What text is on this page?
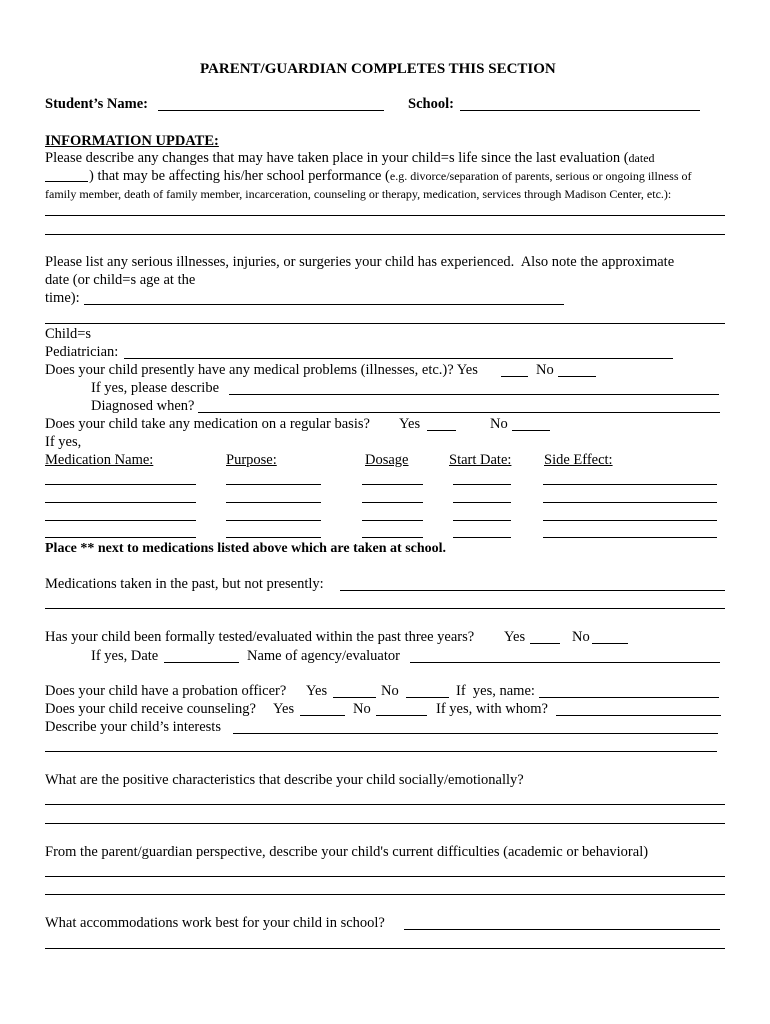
PARENT/GUARDIAN COMPLETES THIS SECTION
Student’s Name:	School:
INFORMATION UPDATE:
Please describe any changes that may have taken place in your child=s life since the last evaluation (dated
) that may be affecting his/her school performance (e.g. divorce/separation of parents, serious or ongoing illness of
family member, death of family member, incarceration, counseling or therapy, medication, services through Madison Center, etc.):
Please list any serious illnesses, injuries, or surgeries your child has experienced.  Also note the approximate
date (or child=s age at the
time):
Child=s
Pediatrician:
Does your child presently have any medical problems (illnesses, etc.)? Yes	No
If yes, please describe
Diagnosed when?
Does your child take any medication on a regular basis? Yes	No
If yes,
Medication Name:	Purpose:	Dosage	Start Date: Side Effect:
Place ** next to medications listed above which are taken at school.
Medications taken in the past, but not presently:
Has your child been formally tested/evaluated within the past three years? Yes	No
If yes, Date	Name of agency/evaluator
Does your child have a probation officer? Yes	No	If  yes, name:
Does your child receive counseling? Yes	No	If yes, with whom?
Describe your child’s interests
What are the positive characteristics that describe your child socially/emotionally?
From the parent/guardian perspective, describe your child's current difficulties (academic or behavioral)
What accommodations work best for your child in school?
